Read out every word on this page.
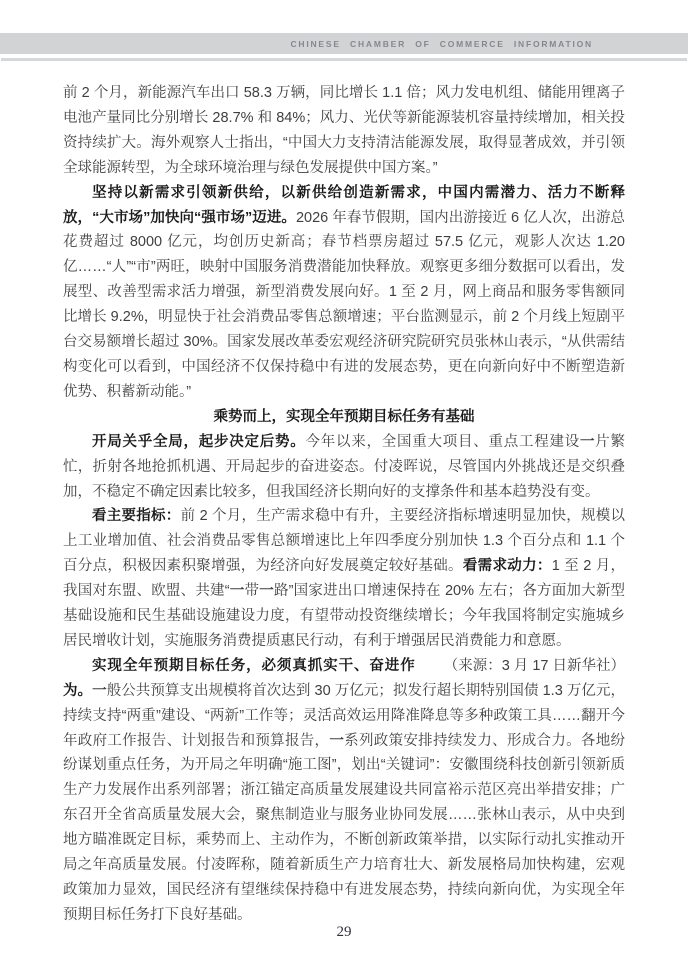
CHINESE CHAMBER OF COMMERCE INFORMATION

前 2 个月，新能源汽车出口 58.3 万辆，同比增长 1.1 倍；风力发电机组、储能用锂离子电池产量同比分别增长 28.7% 和 84%；风力、光伏等新能源装机容量持续增加，相关投资持续扩大。海外观察人士指出，“中国大力支持清洁能源发展，取得显著成效，并引领全球能源转型，为全球环境治理与绿色发展提供中国方案。”

坚持以新需求引领新供给，以新供给创造新需求，中国内需潜力、活力不断释放，“大市场”加快向“强市场”迈进。2026 年春节假期，国内出游接近 6 亿人次，出游总花费超过 8000 亿元，均创历史新高；春节档票房超过 57.5 亿元，观影人次达 1.20 亿……“人”“市”两旺，映射中国服务消费潜能加快释放。观察更多细分数据可以看出，发展型、改善型需求活力增强，新型消费发展向好。1 至 2 月，网上商品和服务零售额同比增长 9.2%，明显快于社会消费品零售总额增速；平台监测显示，前 2 个月线上短剧平台交易额增长超过 30%。国家发展改革委宏观经济研究院研究员张林山表示，“从供需结构变化可以看到，中国经济不仅保持稳中有进的发展态势，更在向新向好中不断塑造新优势、积蓄新动能。”

乘势而上，实现全年预期目标任务有基础

开局关乎全局，起步决定后势。今年以来，全国重大项目、重点工程建设一片繁忙，折射各地抢抓机遇、开局起步的奋进姿态。付凌晖说，尽管国内外挑战还是交织叠加，不稳定不确定因素比较多，但我国经济长期向好的支撑条件和基本趋势没有变。

看主要指标：前 2 个月，生产需求稳中有升，主要经济指标增速明显加快，规模以上工业增加值、社会消费品零售总额增速比上年四季度分别加快 1.3 个百分点和 1.1 个百分点，积极因素积聚增强，为经济向好发展奠定较好基础。看需求动力：1 至 2 月，我国对东盟、欧盟、共建“一带一路”国家进出口增速保持在 20% 左右；各方面加大新型基础设施和民生基础设施建设力度，有望带动投资继续增长；今年我国将制定实施城乡居民增收计划，实施服务消费提质惠民行动，有利于增强居民消费能力和意愿。

（来源：3 月 17 日新华社）
实现全年预期目标任务，必须真抓实干、奋进作为。一般公共预算支出规模将首次达到 30 万亿元；拟发行超长期特别国债 1.3 万亿元，持续支持“两重”建设、“两新”工作等；灵活高效运用降准降息等多种政策工具……翻开今年政府工作报告、计划报告和预算报告，一系列政策安排持续发力、形成合力。各地纷纷谋划重点任务，为开局之年明确“施工图”，划出“关键词”：安徽围绕科技创新引领新质生产力发展作出系列部署；浙江锚定高质量发展建设共同富裕示范区亮出举措安排；广东召开全省高质量发展大会，聚焦制造业与服务业协同发展……张林山表示，从中央到地方瞄准既定目标，乘势而上、主动作为，不断创新政策举措，以实际行动扎实推动开局之年高质量发展。付凌晖称，随着新质生产力培育壮大、新发展格局加快构建，宏观政策加力显效，国民经济有望继续保持稳中有进发展态势，持续向新向优，为实现全年预期目标任务打下良好基础。

29
